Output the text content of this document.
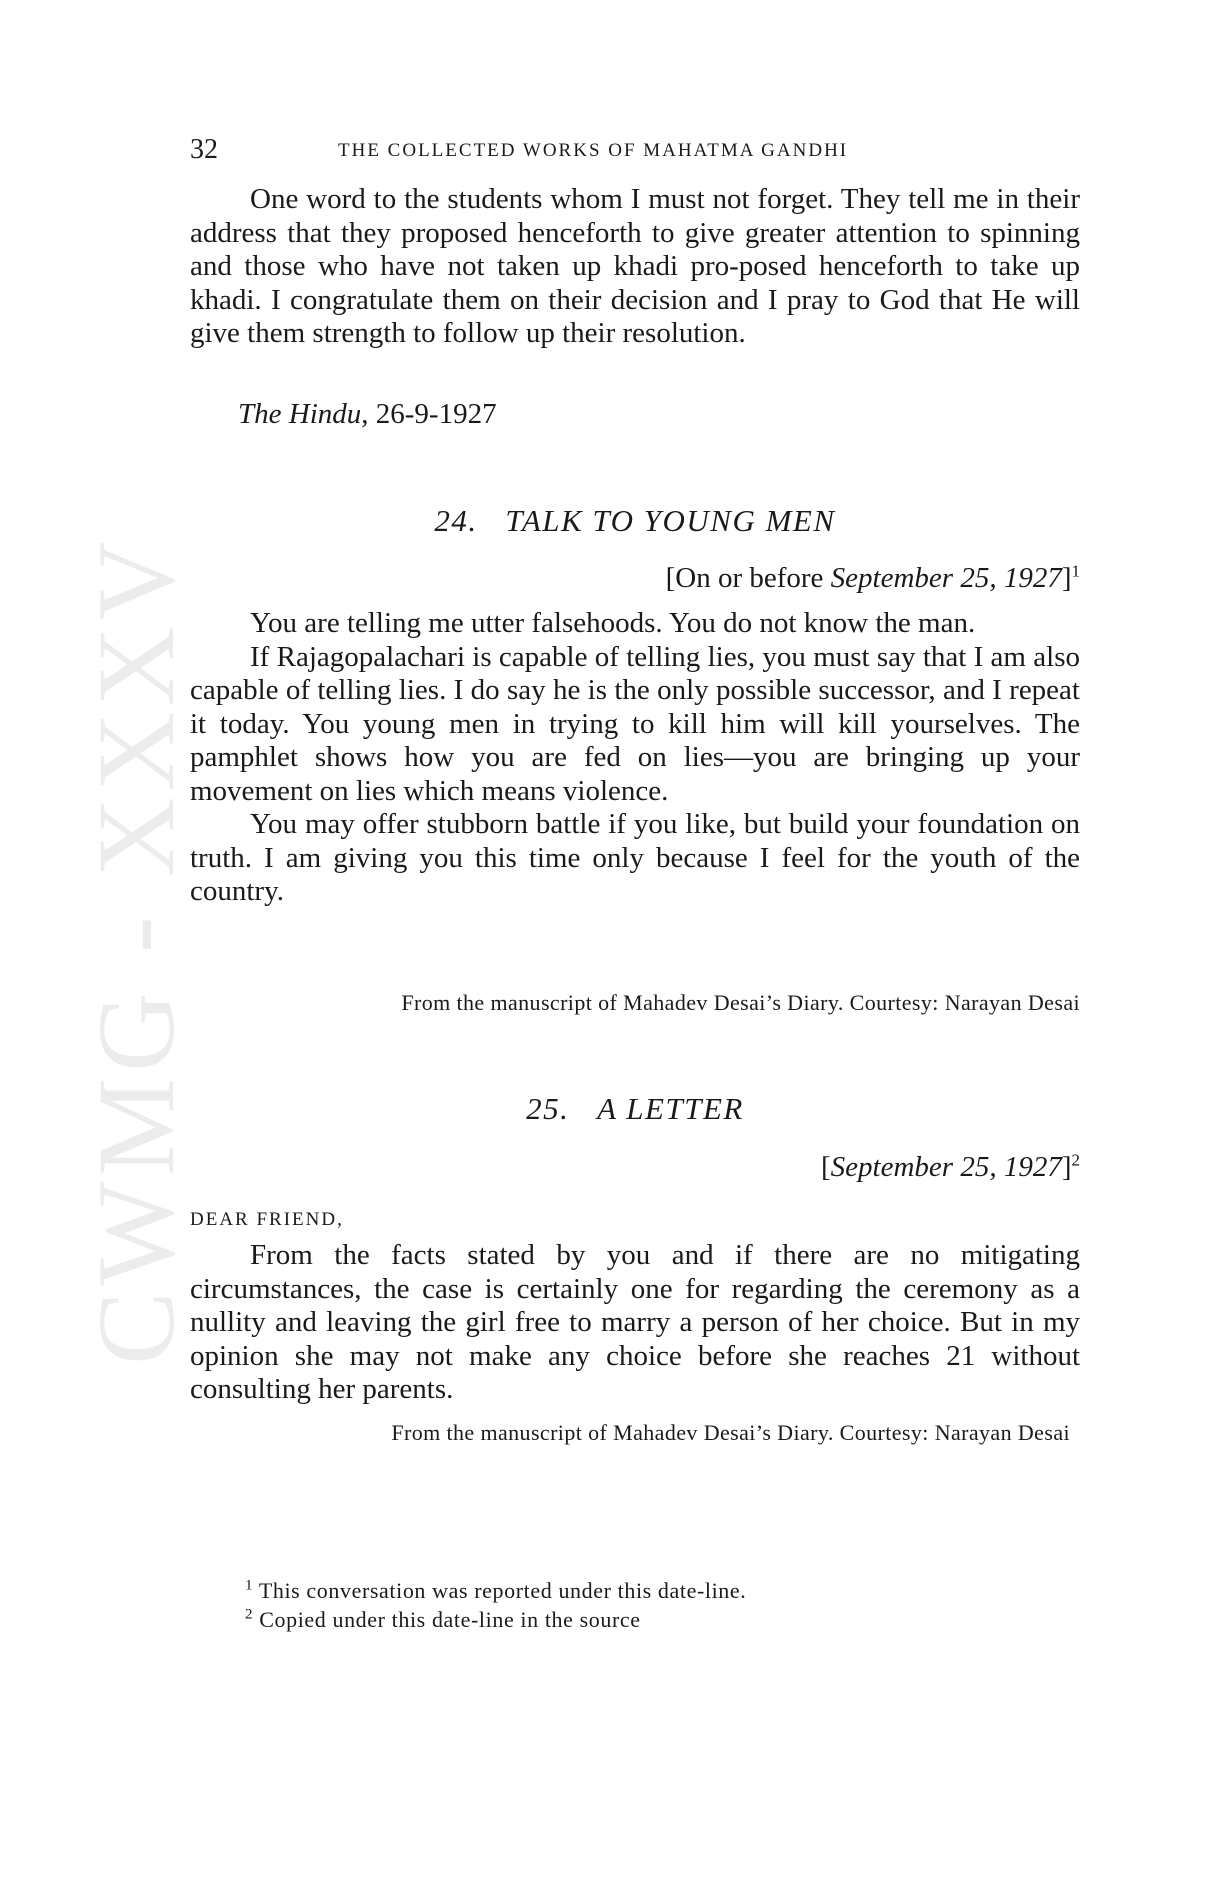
CWMG - XXXV
32	THE COLLECTED WORKS OF MAHATMA GANDHI

One word to the students whom I must not forget. They tell me in their address that they proposed henceforth to give greater attention to spinning and those who have not taken up khadi pro-posed henceforth to take up khadi. I congratulate them on their decision and I pray to God that He will give them strength to follow up their resolution.

The Hindu, 26-9-1927
24. TALK TO YOUNG MEN
[On or before September 25, 1927]$^1$

You are telling me utter falsehoods. You do not know the man.

If Rajagopalachari is capable of telling lies, you must say that I am also capable of telling lies. I do say he is the only possible successor, and I repeat it today. You young men in trying to kill him will kill yourselves. The pamphlet shows how you are fed on lies—you are bringing up your movement on lies which means violence.

You may offer stubborn battle if you like, but build your foundation on truth. I am giving you this time only because I feel for the youth of the country.

From the manuscript of Mahadev Desai’s Diary. Courtesy: Narayan Desai
25. A LETTER
[September 25, 1927]$^2$
DEAR FRIEND,

From the facts stated by you and if there are no mitigating circumstances, the case is certainly one for regarding the ceremony as a nullity and leaving the girl free to marry a person of her choice. But in my opinion she may not make any choice before she reaches 21 without consulting her parents.

From the manuscript of Mahadev Desai’s Diary. Courtesy: Narayan Desai
$^1$ This conversation was reported under this date-line.
$^2$ Copied under this date-line in the source
